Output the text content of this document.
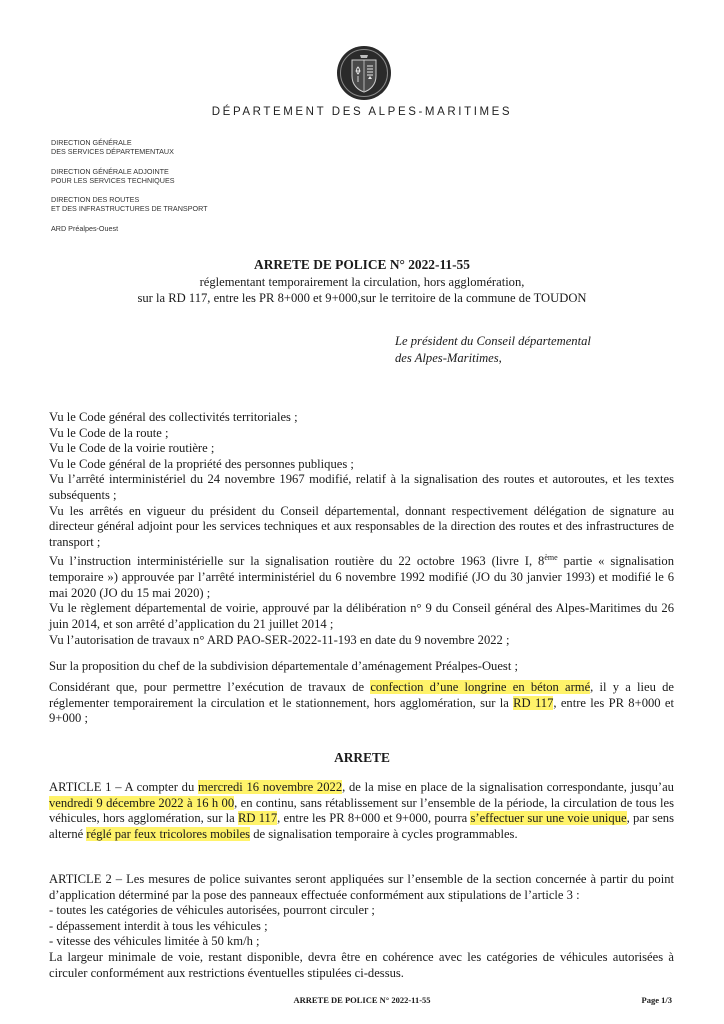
DÉPARTEMENT DES ALPES-MARITIMES
DIRECTION GÉNÉRALE
DES SERVICES DÉPARTEMENTAUX
DIRECTION GÉNÉRALE ADJOINTE
POUR LES SERVICES TECHNIQUES
DIRECTION DES ROUTES
ET DES INFRASTRUCTURES DE TRANSPORT
ARD Préalpes-Ouest
ARRETE DE POLICE N° 2022-11-55
réglementant temporairement la circulation, hors agglomération,
sur la RD 117, entre les PR 8+000 et 9+000,sur le territoire de la commune de TOUDON
Le président du Conseil départemental
des Alpes-Maritimes,

Vu le Code général des collectivités territoriales ;

Vu le Code de la route ;

Vu le Code de la voirie routière ;

Vu le Code général de la propriété des personnes publiques ;

Vu l’arrêté interministériel du 24 novembre 1967 modifié, relatif à la signalisation des routes et autoroutes, et les textes subséquents ;

Vu les arrêtés en vigueur du président du Conseil départemental, donnant respectivement délégation de signature au directeur général adjoint pour les services techniques et aux responsables de la direction des routes et des infrastructures de transport ;

Vu l’instruction interministérielle sur la signalisation routière du 22 octobre 1963 (livre I, 8ème partie « signalisation temporaire ») approuvée par l’arrêté interministériel du 6 novembre 1992 modifié (JO du 30 janvier 1993) et modifié le 6 mai 2020 (JO du 15 mai 2020) ;

Vu le règlement départemental de voirie, approuvé par la délibération n° 9 du Conseil général des Alpes-Maritimes du 26 juin 2014, et son arrêté d’application du 21 juillet 2014 ;

Vu l’autorisation de travaux n° ARD PAO-SER-2022-11-193 en date du 9 novembre 2022 ;

Sur la proposition du chef de la subdivision départementale d’aménagement Préalpes-Ouest ;
Considérant que, pour permettre l’exécution de travaux de confection d’une longrine en béton armé, il y a lieu de réglementer temporairement la circulation et le stationnement, hors agglomération, sur la RD 117, entre les PR 8+000 et 9+000 ;
ARRETE
ARTICLE 1 – A compter du mercredi 16 novembre 2022, de la mise en place de la signalisation correspondante, jusqu’au vendredi 9 décembre 2022 à 16 h 00, en continu, sans rétablissement sur l’ensemble de la période, la circulation de tous les véhicules, hors agglomération, sur la RD 117, entre les PR 8+000 et 9+000, pourra s’effectuer sur une voie unique, par sens alterné réglé par feux tricolores mobiles de signalisation temporaire à cycles programmables.

ARTICLE 2 – Les mesures de police suivantes seront appliquées sur l’ensemble de la section concernée à partir du point d’application déterminé par la pose des panneaux effectuée conformément aux stipulations de l’article 3 :

- toutes les catégories de véhicules autorisées, pourront circuler ;

- dépassement interdit à tous les véhicules ;

- vitesse des véhicules limitée à 50 km/h ;

La largeur minimale de voie, restant disponible, devra être en cohérence avec les catégories de véhicules autorisées à circuler conformément aux restrictions éventuelles stipulées ci-dessus.

ARRETE DE POLICE N° 2022-11-55	Page 1/3
